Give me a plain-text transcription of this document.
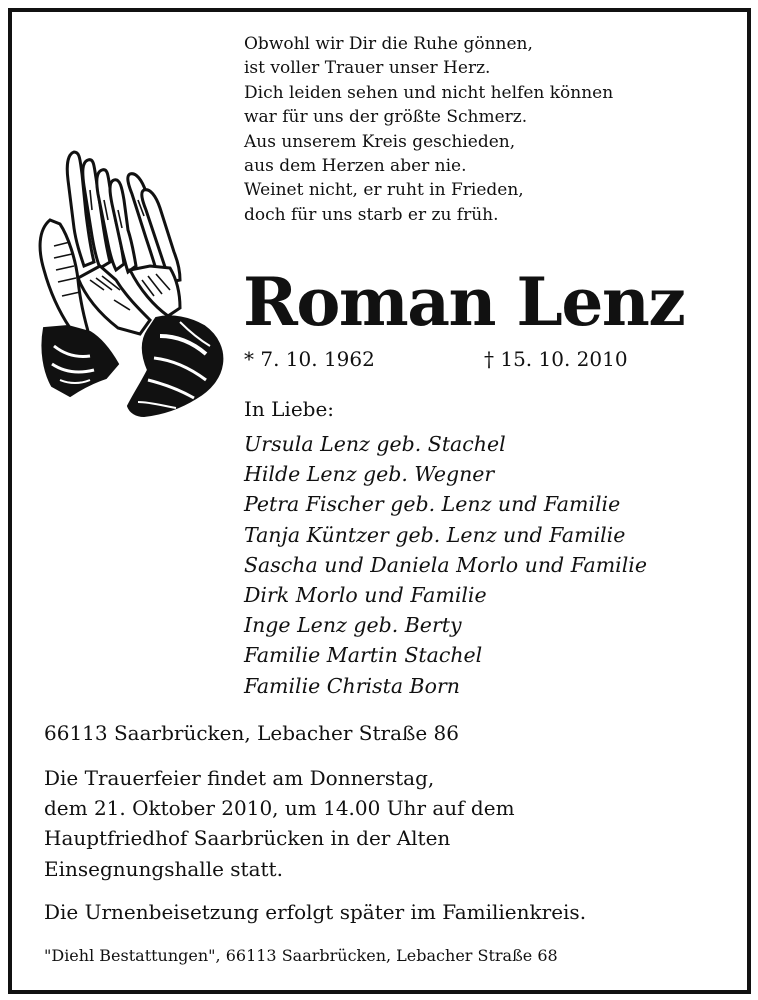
Obwohl wir Dir die Ruhe gönnen,
ist voller Trauer unser Herz.
Dich leiden sehen und nicht helfen können
war für uns der größte Schmerz.
Aus unserem Kreis geschieden,
aus dem Herzen aber nie.
Weinet nicht, er ruht in Frieden,
doch für uns starb er zu früh.
Roman Lenz
* 7. 10. 1962	† 15. 10. 2010
In Liebe:
Ursula Lenz geb. Stachel
Hilde Lenz geb. Wegner
Petra Fischer geb. Lenz und Familie
Tanja Küntzer geb. Lenz und Familie
Sascha und Daniela Morlo und Familie
Dirk Morlo und Familie
Inge Lenz geb. Berty
Familie Martin Stachel
Familie Christa Born
66113 Saarbrücken, Lebacher Straße 86
Die Trauerfeier findet am Donnerstag,
dem 21. Oktober 2010, um 14.00 Uhr auf dem
Hauptfriedhof Saarbrücken in der Alten
Einsegnungshalle statt.
Die Urnenbeisetzung erfolgt später im Familienkreis.
"Diehl Bestattungen", 66113 Saarbrücken, Lebacher Straße 68
